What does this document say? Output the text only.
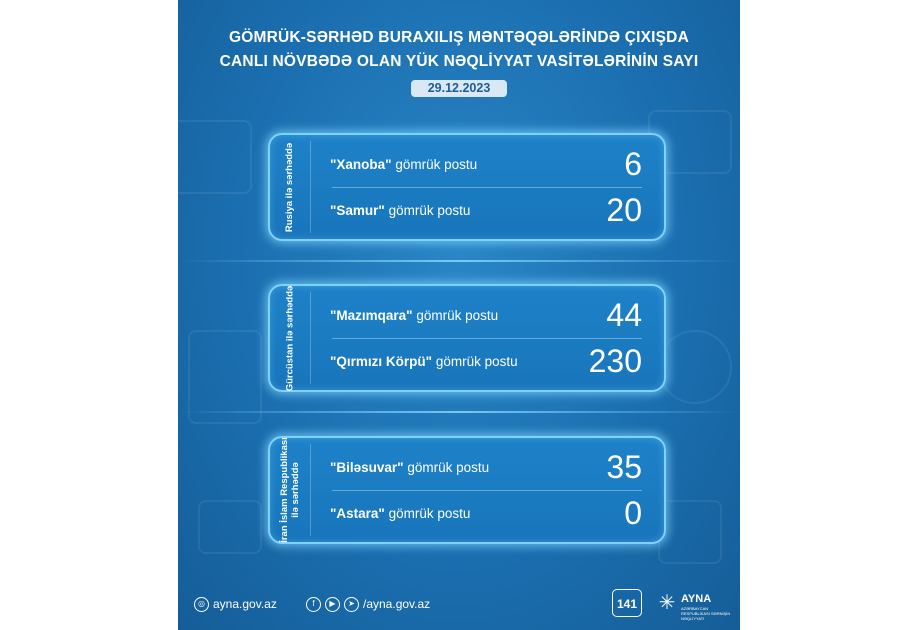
GÖMRÜK-SƏRHƏD BURAXILIŞ MƏNTƏQƏLƏRİNDƏ ÇIXIŞDA
CANLI NÖVBƏDƏ OLAN YÜK NƏQLİYYAT VASİTƏLƏRİNİN SAYI
29.12.2023
Rusiya ilə sərhəddə	"Xanoba" gömrük postu	6
"Samur" gömrük postu	20
Gürcüstan ilə sərhəddə	"Mazımqara" gömrük postu	44
"Qırmızı Körpü" gömrük postu	230
İran İslam Respublikası ilə sərhəddə "Biləsuvar" gömrük postu	35
"Astara" gömrük postu	0
◎ ayna.gov.az	f	▶	➤ /ayna.gov.az	141 ✳ AYNA
AZƏRBAYCAN RESPUBLİKASI SƏRNİŞİN NƏQLİYYATI
